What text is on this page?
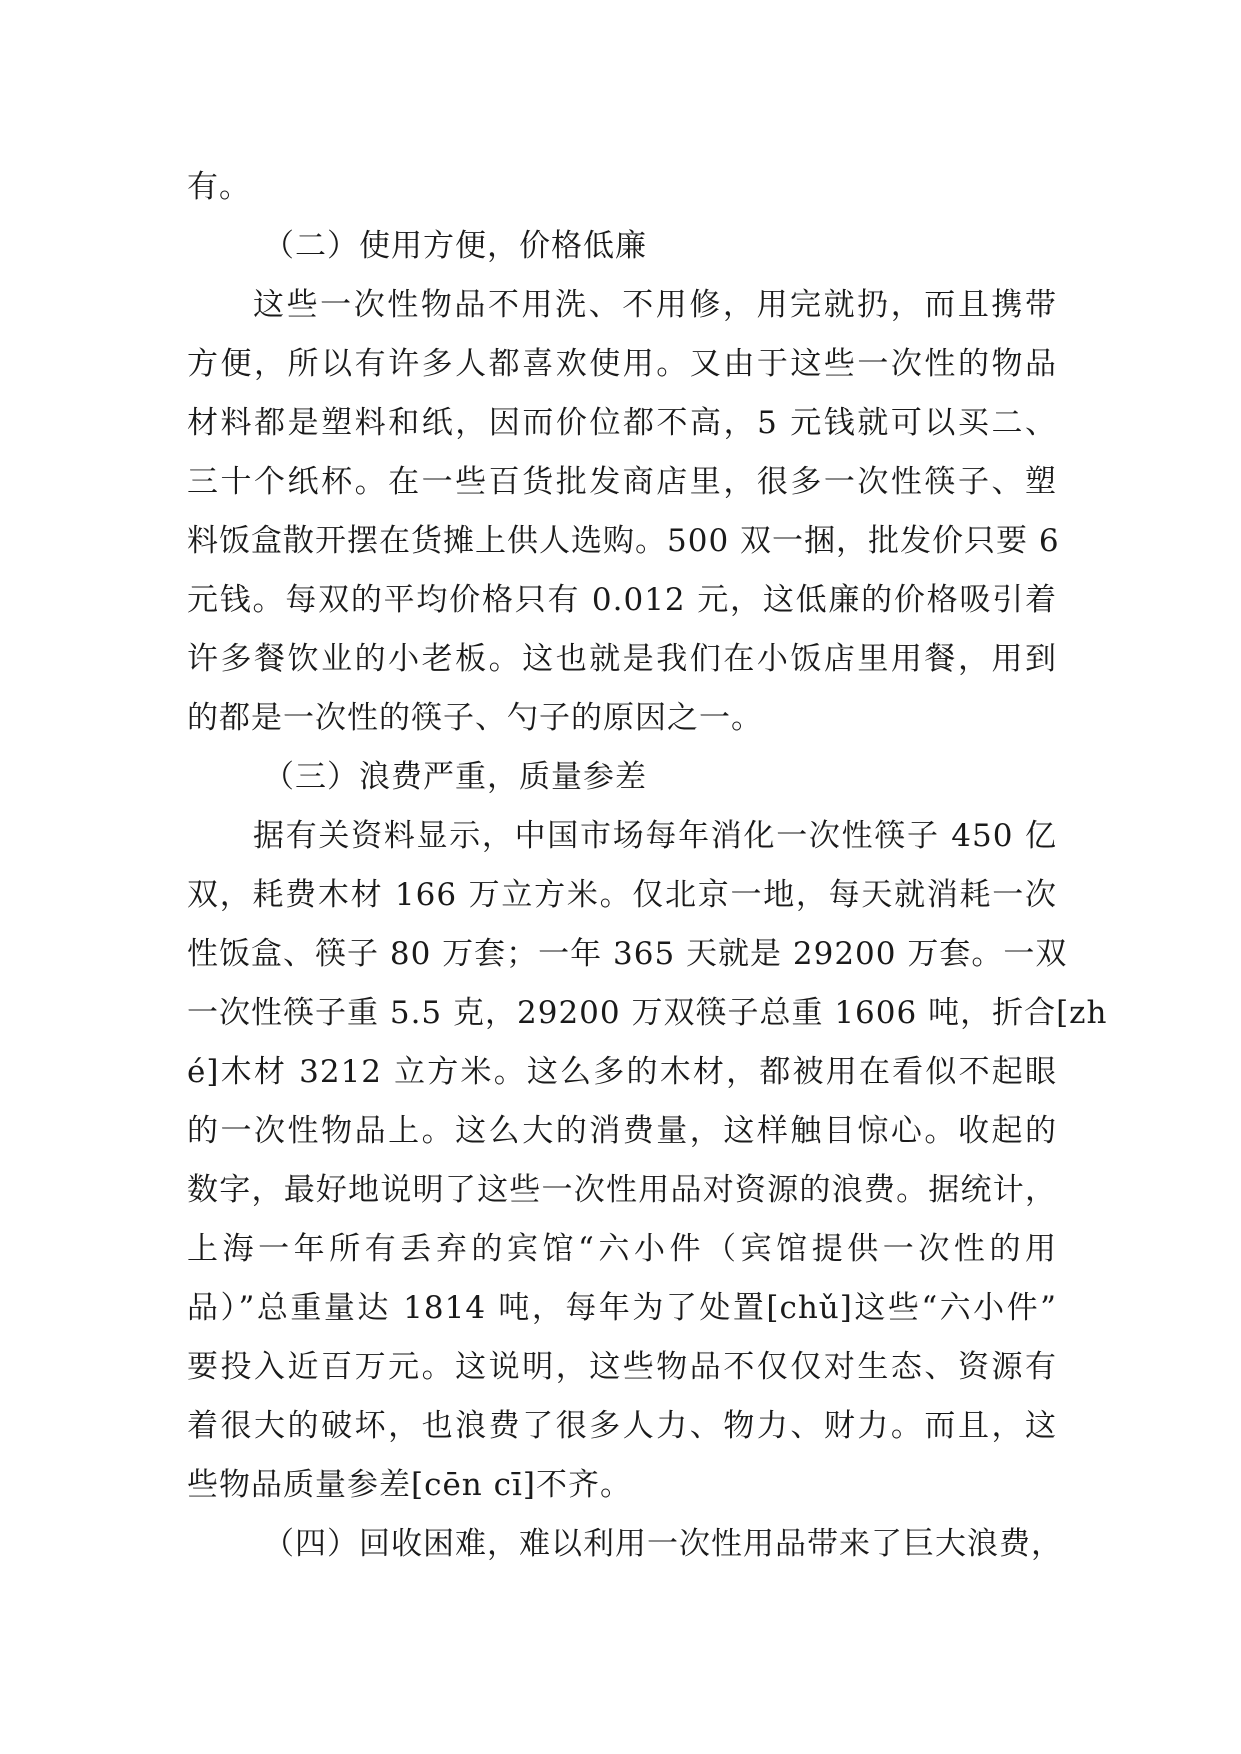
有。
（二）使用方便，价格低廉
这些一次性物品不用洗、不用修，用完就扔，而且携带
方便，所以有许多人都喜欢使用。又由于这些一次性的物品
材料都是塑料和纸，因而价位都不高，5 元钱就可以买二、
三十个纸杯。在一些百货批发商店里，很多一次性筷子、塑
料饭盒散开摆在货摊上供人选购。500 双一捆，批发价只要 6
元钱。每双的平均价格只有 0.012 元，这低廉的价格吸引着
许多餐饮业的小老板。这也就是我们在小饭店里用餐，用到
的都是一次性的筷子、勺子的原因之一。
（三）浪费严重，质量参差
据有关资料显示，中国市场每年消化一次性筷子 450 亿
双，耗费木材 166 万立方米。仅北京一地，每天就消耗一次
性饭盒、筷子 80 万套；一年 365 天就是 29200 万套。一双
一次性筷子重 5.5 克，29200 万双筷子总重 1606 吨，折合[zh
é]木材 3212 立方米。这么多的木材，都被用在看似不起眼
的一次性物品上。这么大的消费量，这样触目惊心。收起的
数字，最好地说明了这些一次性用品对资源的浪费。据统计，
上海一年所有丢弃的宾馆“六小件（宾馆提供一次性的用
品）”总重量达 1814 吨，每年为了处置[chǔ]这些“六小件”
要投入近百万元。这说明，这些物品不仅仅对生态、资源有
着很大的破坏，也浪费了很多人力、物力、财力。而且，这
些物品质量参差[cēn cī]不齐。
（四）回收困难，难以利用一次性用品带来了巨大浪费，
